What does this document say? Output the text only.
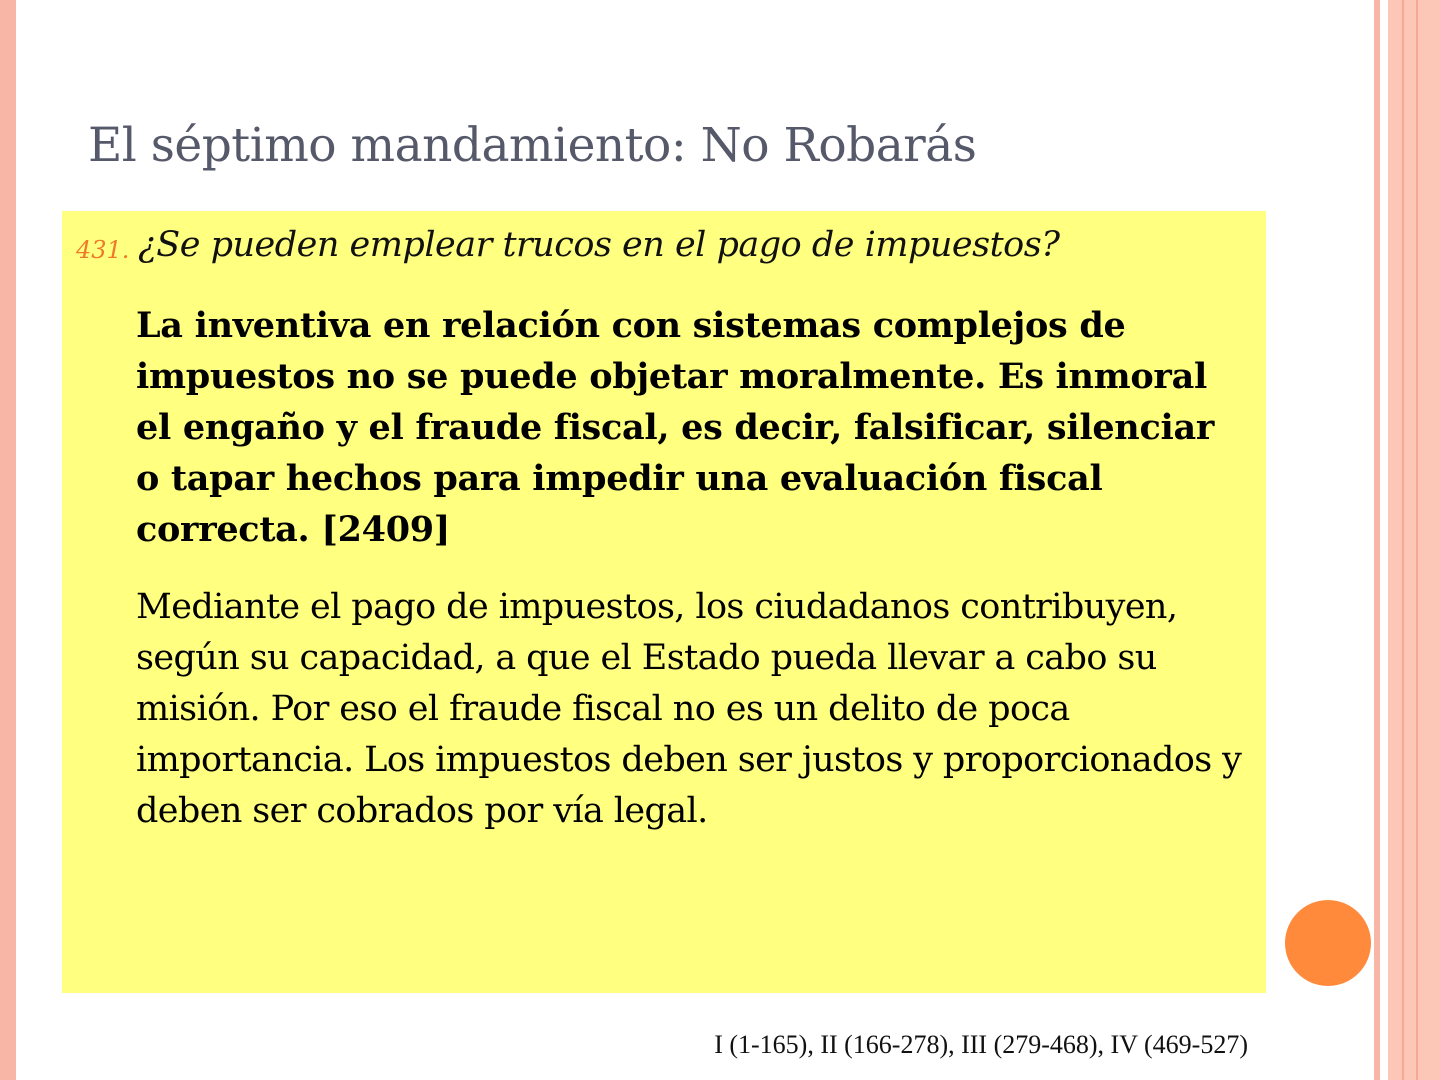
El séptimo mandamiento: No Robarás
431. ¿Se pueden emplear trucos en el pago de impuestos?

La inventiva en relación con sistemas complejos de impuestos no se puede objetar moralmente. Es inmoral el engaño y el fraude fiscal, es decir, falsificar, silenciar o tapar hechos para impedir una evaluación fiscal correcta. [2409]

Mediante el pago de impuestos, los ciudadanos contribuyen, según su capacidad, a que el Estado pueda llevar a cabo su misión. Por eso el fraude fiscal no es un delito de poca importancia. Los impuestos deben ser justos y proporcionados y deben ser cobrados por vía legal.

I (1-165), II (166-278), III (279-468), IV (469-527)
